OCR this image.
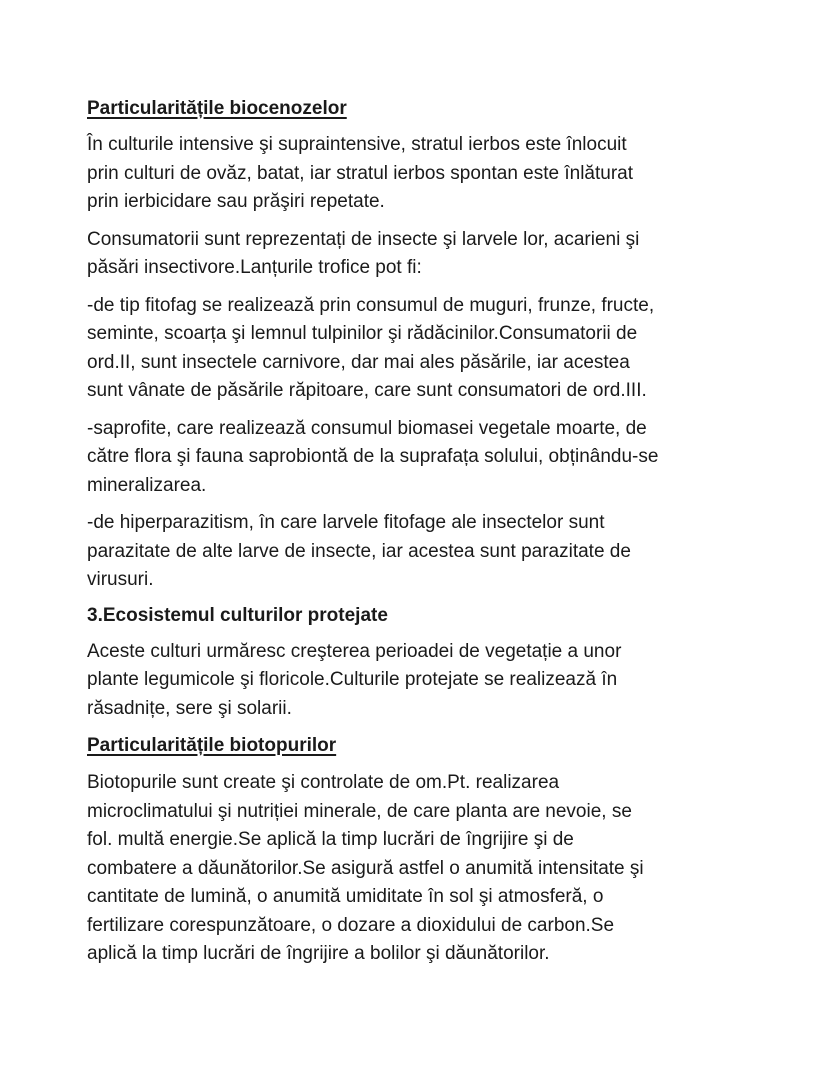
Particularitățile biocenozelor

În culturile intensive şi supraintensive, stratul ierbos este înlocuit
prin culturi de ovăz, batat, iar stratul ierbos spontan este înlăturat
prin ierbicidare sau prăşiri repetate.

Consumatorii sunt reprezentați de insecte şi larvele lor, acarieni şi
păsări insectivore.Lanțurile trofice pot fi:

-de tip fitofag se realizează prin consumul de muguri, frunze, fructe,
seminte, scoarța şi lemnul tulpinilor şi rădăcinilor.Consumatorii de
ord.II, sunt insectele carnivore, dar mai ales păsările, iar acestea
sunt vânate de păsările răpitoare, care sunt consumatori de ord.III.

-saprofite, care realizează consumul biomasei vegetale moarte, de
către flora şi fauna saprobiontă de la suprafața solului, obținându-se
mineralizarea.

-de hiperparazitism, în care larvele fitofage ale insectelor sunt
parazitate de alte larve de insecte, iar acestea sunt parazitate de
virusuri.

3.Ecosistemul culturilor protejate

Aceste culturi urmăresc creşterea perioadei de vegetație a unor
plante legumicole şi floricole.Culturile protejate se realizează în
răsadnițe, sere şi solarii.

Particularitățile biotopurilor

Biotopurile sunt create şi controlate de om.Pt. realizarea
microclimatului şi nutriției minerale, de care planta are nevoie, se
fol. multă energie.Se aplică la timp lucrări de îngrijire şi de
combatere a dăunătorilor.Se asigură astfel o anumită intensitate şi
cantitate de lumină, o anumită umiditate în sol şi atmosferă, o
fertilizare corespunzătoare, o dozare a dioxidului de carbon.Se
aplică la timp lucrări de îngrijire a bolilor şi dăunătorilor.
